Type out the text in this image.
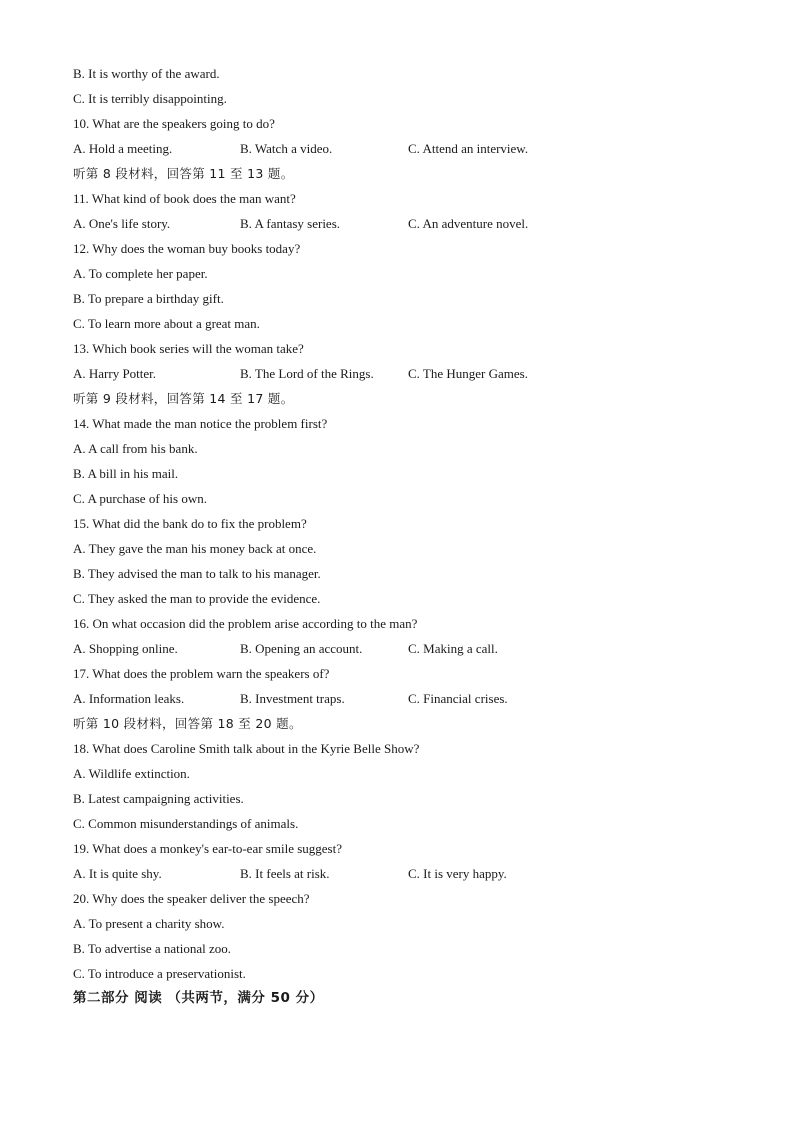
B. It is worthy of the award.
C. It is terribly disappointing.
10. What are the speakers going to do?
A. Hold a meeting.	B. Watch a video.	C. Attend an interview.
听第 8 段材料，回答第 11 至 13 题。
11. What kind of book does the man want?
A. One's life story.	B. A fantasy series.	C. An adventure novel.
12. Why does the woman buy books today?
A. To complete her paper.
B. To prepare a birthday gift.
C. To learn more about a great man.
13. Which book series will the woman take?
A. Harry Potter.	B. The Lord of the Rings.	C. The Hunger Games.
听第 9 段材料，回答第 14 至 17 题。
14. What made the man notice the problem first?
A. A call from his bank.
B. A bill in his mail.
C. A purchase of his own.
15. What did the bank do to fix the problem?
A. They gave the man his money back at once.
B. They advised the man to talk to his manager.
C. They asked the man to provide the evidence.
16. On what occasion did the problem arise according to the man?
A. Shopping online.	B. Opening an account.	C. Making a call.
17. What does the problem warn the speakers of?
A. Information leaks.	B. Investment traps.	C. Financial crises.
听第 10 段材料，回答第 18 至 20 题。
18. What does Caroline Smith talk about in the Kyrie Belle Show?
A. Wildlife extinction.
B. Latest campaigning activities.
C. Common misunderstandings of animals.
19. What does a monkey's ear-to-ear smile suggest?
A. It is quite shy.	B. It feels at risk.	C. It is very happy.
20. Why does the speaker deliver the speech?
A. To present a charity show.
B. To advertise a national zoo.
C. To introduce a preservationist.
第二部分 阅读 （共两节，满分 50 分）
